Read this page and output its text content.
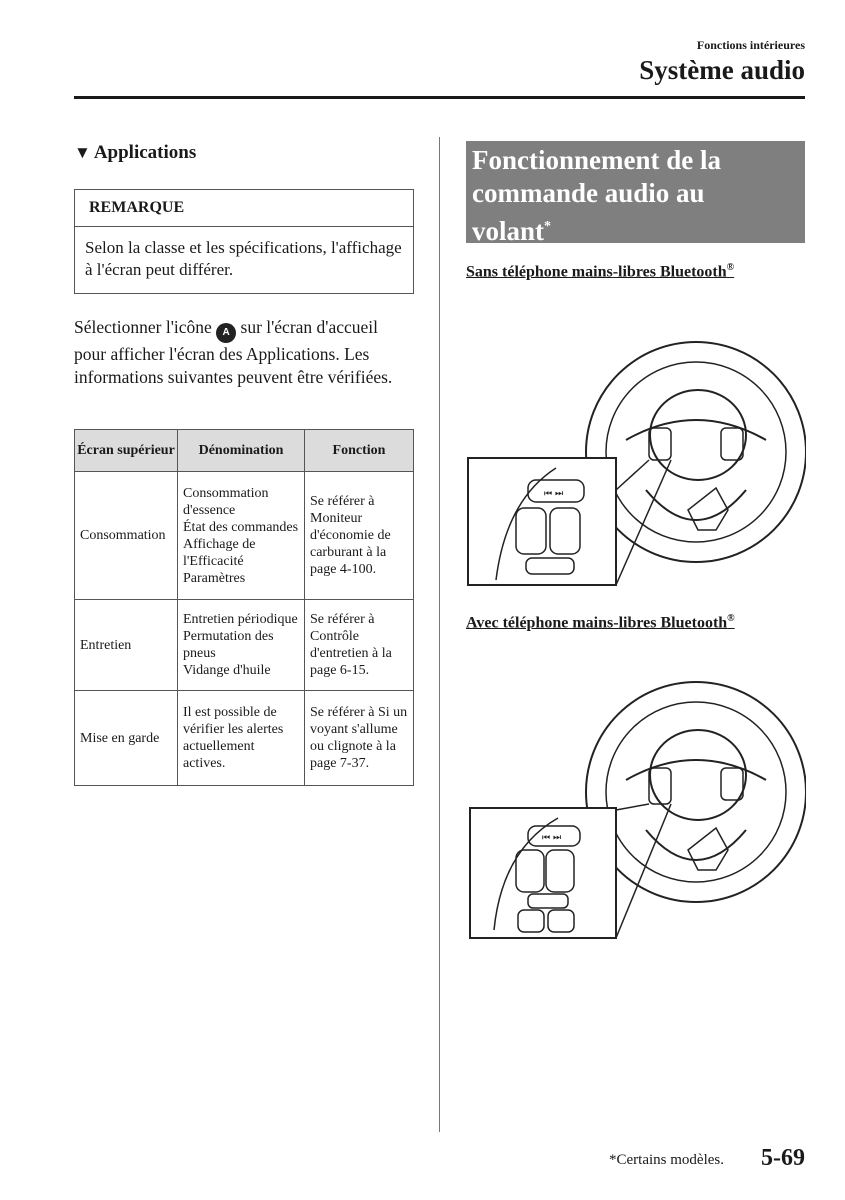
Fonctions intérieures
Système audio
▼ Applications
REMARQUE
Selon la classe et les spécifications, l'affichage à l'écran peut différer.
Sélectionner l'icône A sur l'écran d'accueil pour afficher l'écran des Applications. Les informations suivantes peuvent être vérifiées.
Écran supérieur	Dénomination	Fonction
Consommation	Consommation d'essence
État des commandes
Affichage de l'Efficacité
Paramètres	Se référer à Moniteur d'économie de carburant à la page 4-100.
Entretien	Entretien périodique
Permutation des pneus
Vidange d'huile	Se référer à Contrôle d'entretien à la page 6-15.
Mise en garde	Il est possible de vérifier les alertes actuellement actives.	Se référer à Si un voyant s'allume ou clignote à la page 7-37.
Fonctionnement de la
commande audio au
volant*
Sans téléphone mains-libres Bluetooth®
⏮ ⏭
Avec téléphone mains-libres Bluetooth®
⏮ ⏭
*Certains modèles. 5-69
